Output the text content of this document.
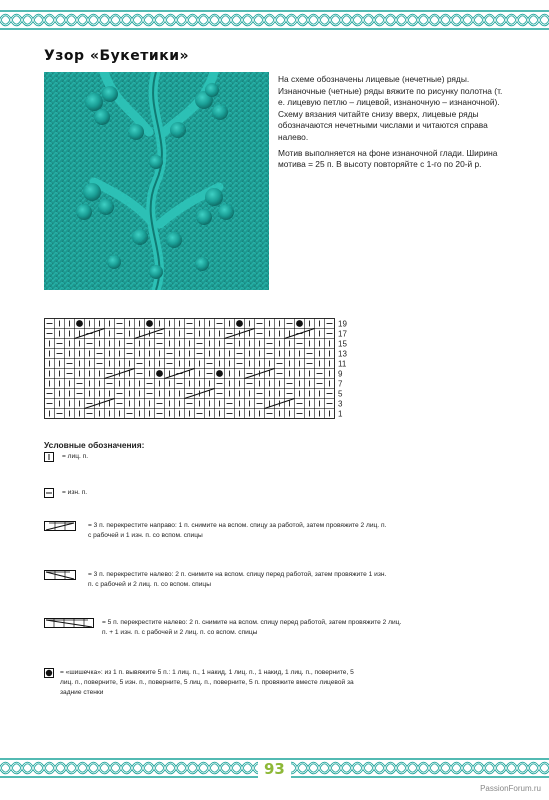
Узор «Букетики»

На схеме обозначены лицевые (нечетные) ряды. Изнаночные (четные) ряды вяжите по рисунку полотна (т. е. лицевую петлю – лицевой, изнаночную – изнаночной). Схему вязания читайте снизу вверх, лицевые ряды обозначаются нечетными числами и читаются справа налево.

Мотив выполняется на фоне изнаночной глади. Ширина мотива = 25 п. В высоту повторяйте с 1-го по 20-й р.

19
17
15
13
11
9
7
5
3
1
Условные обозначения:
= лиц. п.
= изн. п.
= 3 п. перекрестите направо: 1 п. снимите на вспом. спицу за работой, затем провяжите 2 лиц. п. с рабочей и 1 изн. п. со вспом. спицы
= 3 п. перекрестите налево: 2 п. снимите на вспом. спицу перед работой, затем провяжите 1 изн. п. с рабочей и 2 лиц. п. со вспом. спицы
= 5 п. перекрестите налево: 2 п. снимите на вспом. спицу перед работой, затем провяжите 2 лиц. п. + 1 изн. п. с рабочей и 2 лиц. п. со вспом. спицы
= «шишечка»: из 1 п. вывяжите 5 п.: 1 лиц. п., 1 накид, 1 лиц. п., 1 накид, 1 лиц. п., поверните, 5 лиц. п., поверните, 5 изн. п., поверните, 5 лиц. п., поверните, 5 п. провяжите вместе лицевой за задние стенки
93
PassionForum.ru
